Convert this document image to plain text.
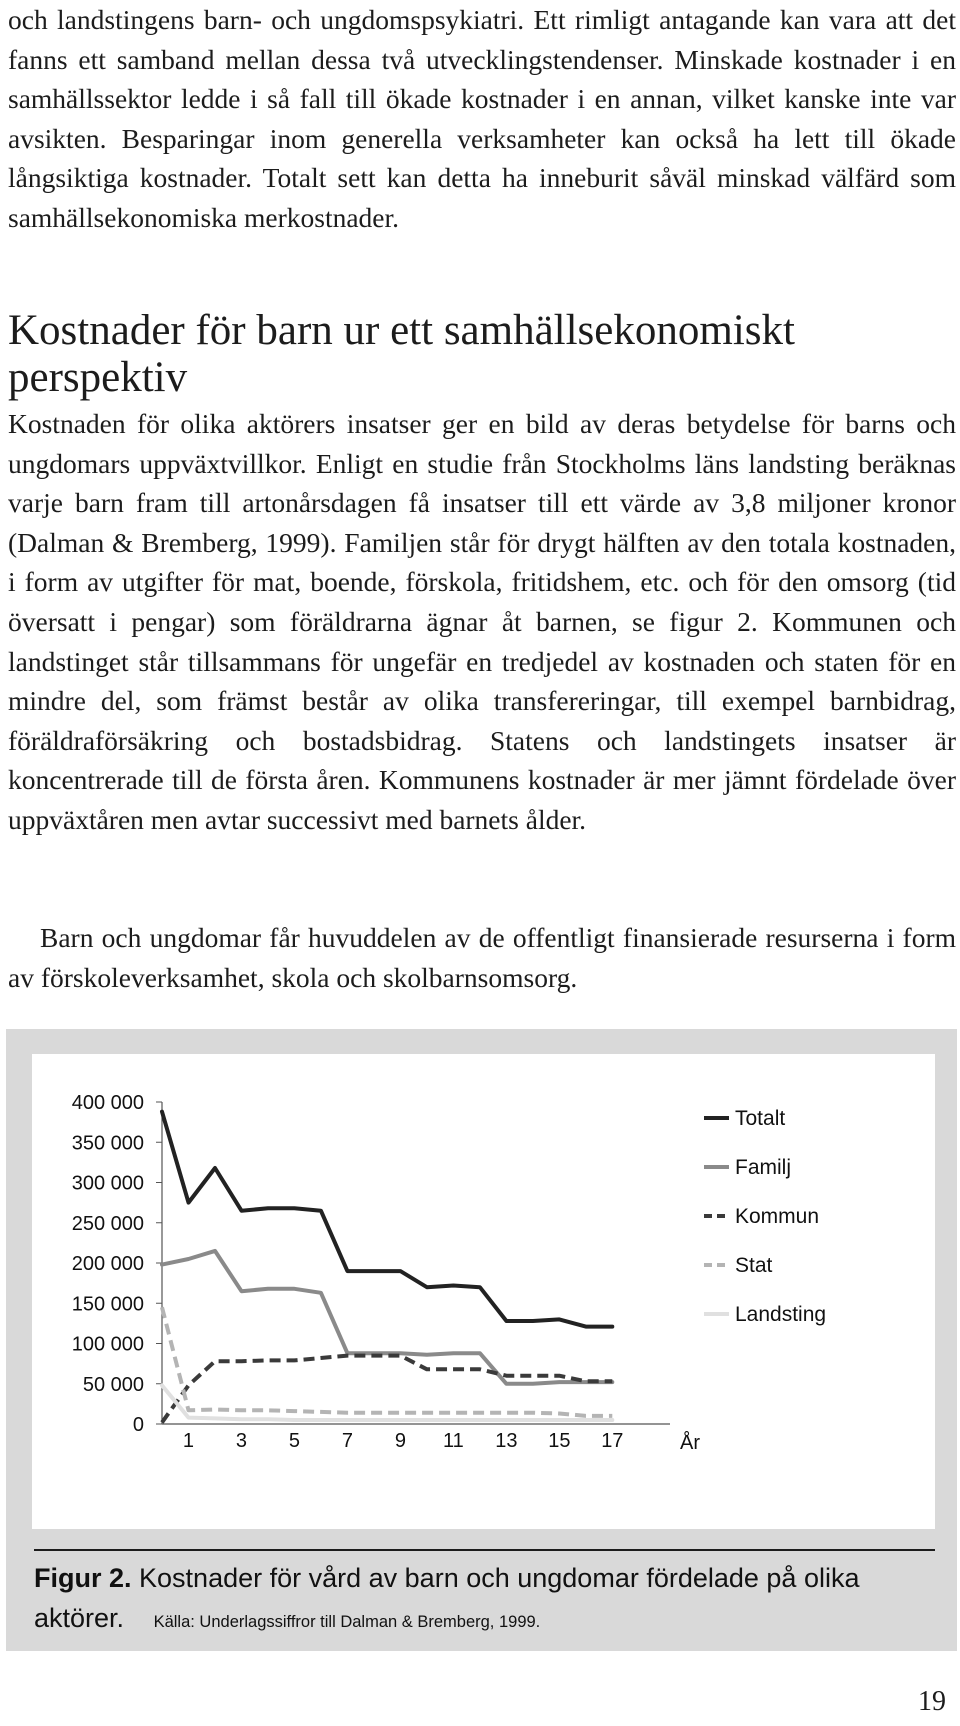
och landstingens barn- och ungdomspsykiatri. Ett rimligt antagande kan vara att det fanns ett samband mellan dessa två utvecklingstendenser. Minskade kostnader i en samhällssektor ledde i så fall till ökade kostnader i en annan, vilket kanske inte var avsikten. Besparingar inom generella verksamheter kan också ha lett till ökade långsiktiga kostnader. Totalt sett kan detta ha inneburit såväl minskad välfärd som samhällsekonomiska merkostnader.

Kostnader för barn ur ett samhällsekonomiskt perspektiv

Kostnaden för olika aktörers insatser ger en bild av deras betydelse för barns och ungdomars uppväxtvillkor. Enligt en studie från Stockholms läns landsting beräknas varje barn fram till artonårsdagen få insatser till ett värde av 3,8 miljoner kronor (Dalman & Bremberg, 1999). Familjen står för drygt hälften av den totala kostnaden, i form av utgifter för mat, boende, förskola, fritidshem, etc. och för den omsorg (tid översatt i pengar) som föräldrarna ägnar åt barnen, se figur 2. Kommunen och landstinget står tillsammans för ungefär en tredjedel av kostnaden och staten för en mindre del, som främst består av olika transfereringar, till exempel barnbidrag, föräldraförsäkring och bostadsbidrag. Statens och landstingets insatser är koncentrerade till de första åren. Kommunens kostnader är mer jämnt fördelade över uppväxtåren men avtar successivt med barnets ålder.

Barn och ungdomar får huvuddelen av de offentligt finansierade resurserna i form av förskoleverksamhet, skola och skolbarnsomsorg.

400 000
350 000
300 000
250 000
200 000
150 000
100 000
50 000
0
1 3 5 7 9 11 13 15 17	År
Totalt
Familj
Kommun
Stat
Landsting

Figur 2. Kostnader för vård av barn och ungdomar fördelade på olika aktörer. Källa: Underlagssiffror till Dalman & Bremberg, 1999.

19
